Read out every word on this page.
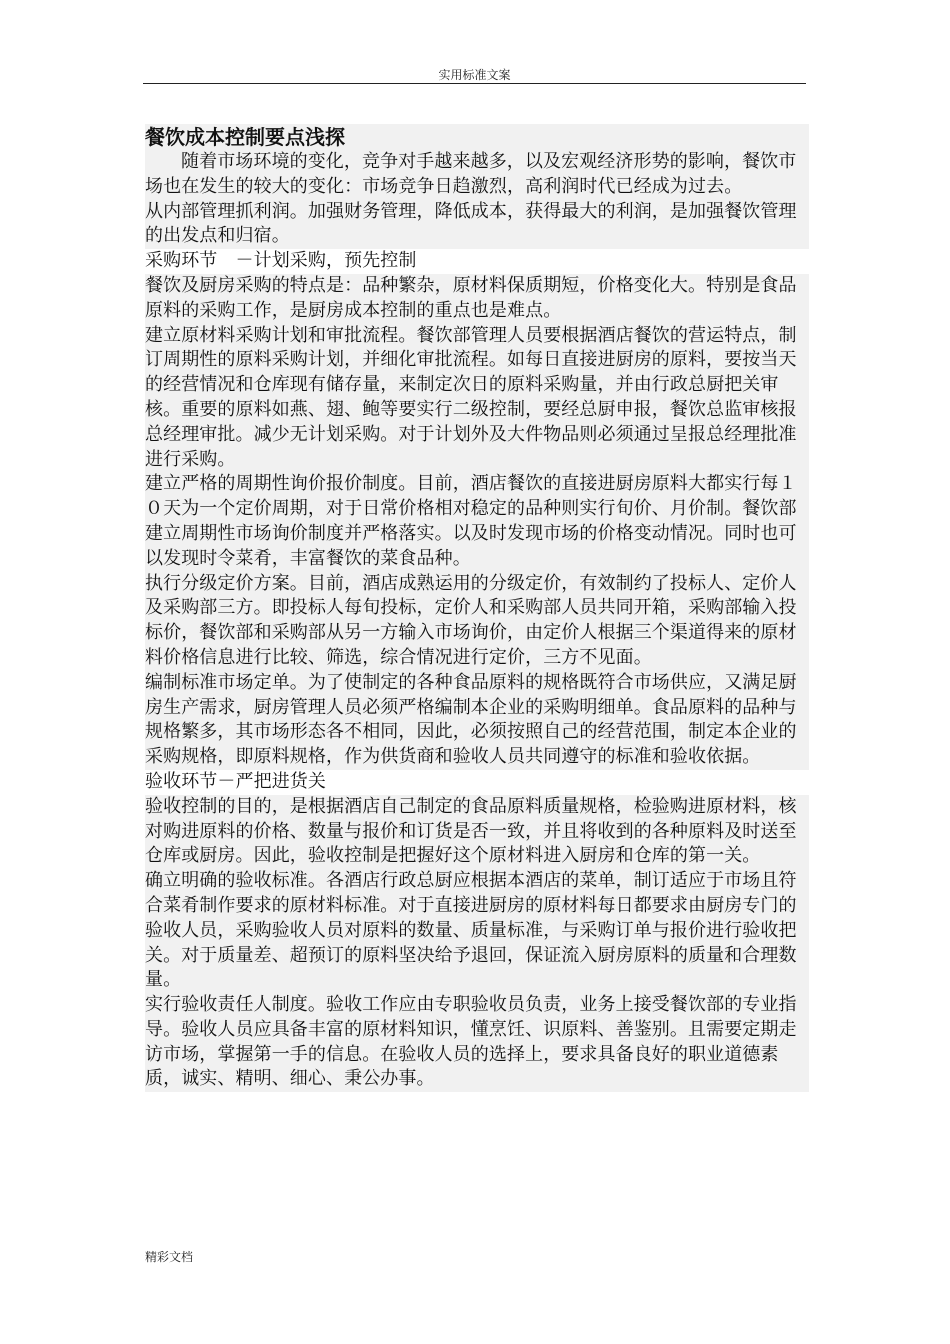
实用标准文案
餐饮成本控制要点浅探

随着市场环境的变化，竞争对手越来越多，以及宏观经济形势的影响，餐饮市场也在发生的较大的变化：市场竞争日趋激烈，高利润时代已经成为过去。

从内部管理抓利润。加强财务管理，降低成本，获得最大的利润，是加强餐饮管理的出发点和归宿。

采购环节　－计划采购，预先控制

餐饮及厨房采购的特点是：品种繁杂，原材料保质期短，价格变化大。特别是食品原料的采购工作，是厨房成本控制的重点也是难点。

建立原材料采购计划和审批流程。餐饮部管理人员要根据酒店餐饮的营运特点，制订周期性的原料采购计划，并细化审批流程。如每日直接进厨房的原料，要按当天的经营情况和仓库现有储存量，来制定次日的原料采购量，并由行政总厨把关审核。重要的原料如燕、翅、鲍等要实行二级控制，要经总厨申报，餐饮总监审核报总经理审批。减少无计划采购。对于计划外及大件物品则必须通过呈报总经理批准进行采购。

建立严格的周期性询价报价制度。目前，酒店餐饮的直接进厨房原料大都实行每１０天为一个定价周期，对于日常价格相对稳定的品种则实行旬价、月价制。餐饮部建立周期性市场询价制度并严格落实。以及时发现市场的价格变动情况。同时也可以发现时令菜肴，丰富餐饮的菜食品种。

执行分级定价方案。目前，酒店成熟运用的分级定价，有效制约了投标人、定价人及采购部三方。即投标人每旬投标，定价人和采购部人员共同开箱，采购部输入投标价，餐饮部和采购部从另一方输入市场询价，由定价人根据三个渠道得来的原材料价格信息进行比较、筛选，综合情况进行定价，三方不见面。

编制标准市场定单。为了使制定的各种食品原料的规格既符合市场供应，又满足厨房生产需求，厨房管理人员必须严格编制本企业的采购明细单。食品原料的品种与规格繁多，其市场形态各不相同，因此，必须按照自己的经营范围，制定本企业的采购规格，即原料规格，作为供货商和验收人员共同遵守的标准和验收依据。

验收环节－严把进货关

验收控制的目的，是根据酒店自己制定的食品原料质量规格，检验购进原材料，核对购进原料的价格、数量与报价和订货是否一致，并且将收到的各种原料及时送至仓库或厨房。因此，验收控制是把握好这个原材料进入厨房和仓库的第一关。

确立明确的验收标准。各酒店行政总厨应根据本酒店的菜单，制订适应于市场且符合菜肴制作要求的原材料标准。对于直接进厨房的原材料每日都要求由厨房专门的验收人员，采购验收人员对原料的数量、质量标准，与采购订单与报价进行验收把关。对于质量差、超预订的原料坚决给予退回，保证流入厨房原料的质量和合理数量。

实行验收责任人制度。验收工作应由专职验收员负责，业务上接受餐饮部的专业指导。验收人员应具备丰富的原材料知识，懂烹饪、识原料、善鉴别。且需要定期走访市场，掌握第一手的信息。在验收人员的选择上，要求具备良好的职业道德素质，诚实、精明、细心、秉公办事。

精彩文档
